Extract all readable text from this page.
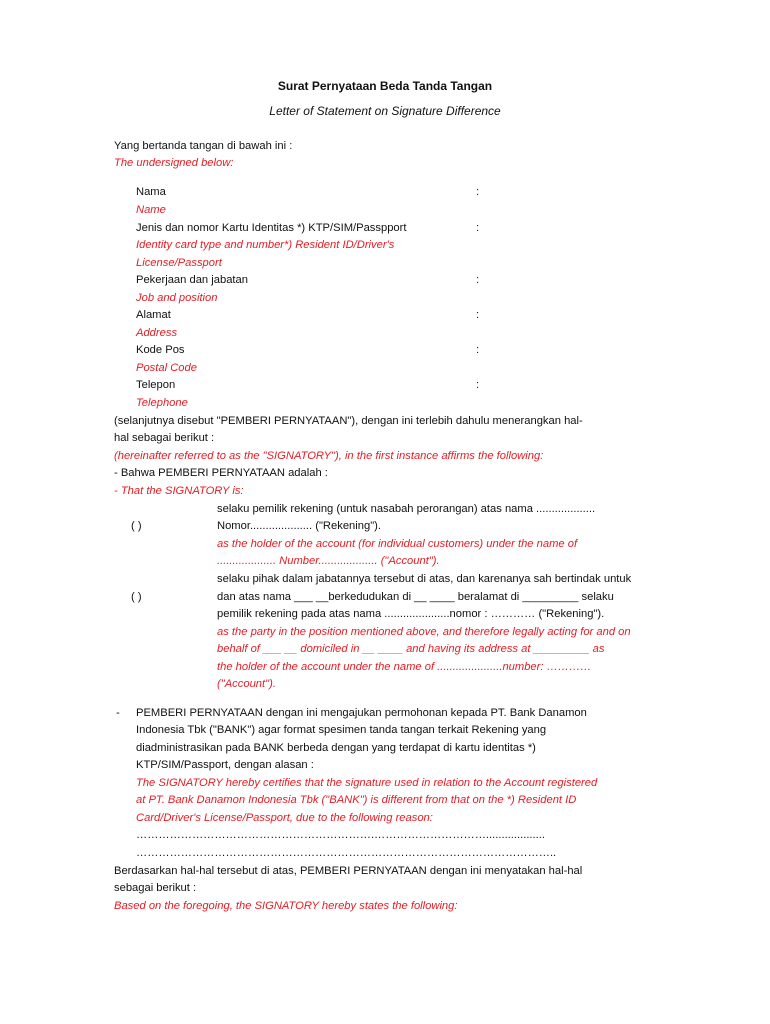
Surat Pernyataan Beda Tanda Tangan
Letter of Statement on Signature Difference
Yang bertanda tangan di bawah ini :
The undersigned below:
Nama	:
Name
Jenis dan nomor Kartu Identitas *) KTP/SIM/Passpport	:
Identity card type and number*) Resident ID/Driver's
License/Passport
Pekerjaan dan jabatan	:
Job and position
Alamat	:
Address
Kode Pos	:
Postal Code
Telepon	:
Telephone
(selanjutnya disebut "PEMBERI PERNYATAAN"), dengan ini terlebih dahulu menerangkan hal-
hal sebagai berikut :
(hereinafter referred to as the "SIGNATORY"), in the first instance affirms the following:
- Bahwa PEMBERI PERNYATAAN adalah :
- That the SIGNATORY is:
( )
selaku pemilik rekening (untuk nasabah perorangan) atas nama ...................
Nomor.................... ("Rekening").
as the holder of the account (for individual customers) under the name of
................... Number................... ("Account").
( )
selaku pihak dalam jabatannya tersebut di atas, dan karenanya sah bertindak untuk
dan atas nama ___ __berkedudukan di __ ____ beralamat di _________ selaku
pemilik rekening pada atas nama .....................nomor : ………… ("Rekening").
as the party in the position mentioned above, and therefore legally acting for and on
behalf of ___ __ domiciled in __ ____ and having its address at _________ as
the holder of the account under the name of .....................number: …………
("Account").
- PEMBERI PERNYATAAN dengan ini mengajukan permohonan kepada PT. Bank Danamon
Indonesia Tbk ("BANK") agar format spesimen tanda tangan terkait Rekening yang
diadministrasikan pada BANK berbeda dengan yang terdapat di kartu identitas *)
KTP/SIM/Passport, dengan alasan :
The SIGNATORY hereby certifies that the signature used in relation to the Account registered
at PT. Bank Danamon Indonesia Tbk ("BANK") is different from that on the *) Resident ID
Card/Driver's License/Passport, due to the following reason:
……………………………………………………….…………………………...................
…………………………………………………………………………………………………..
Berdasarkan hal-hal tersebut di atas, PEMBERI PERNYATAAN dengan ini menyatakan hal-hal
sebagai berikut :
Based on the foregoing, the SIGNATORY hereby states the following:
